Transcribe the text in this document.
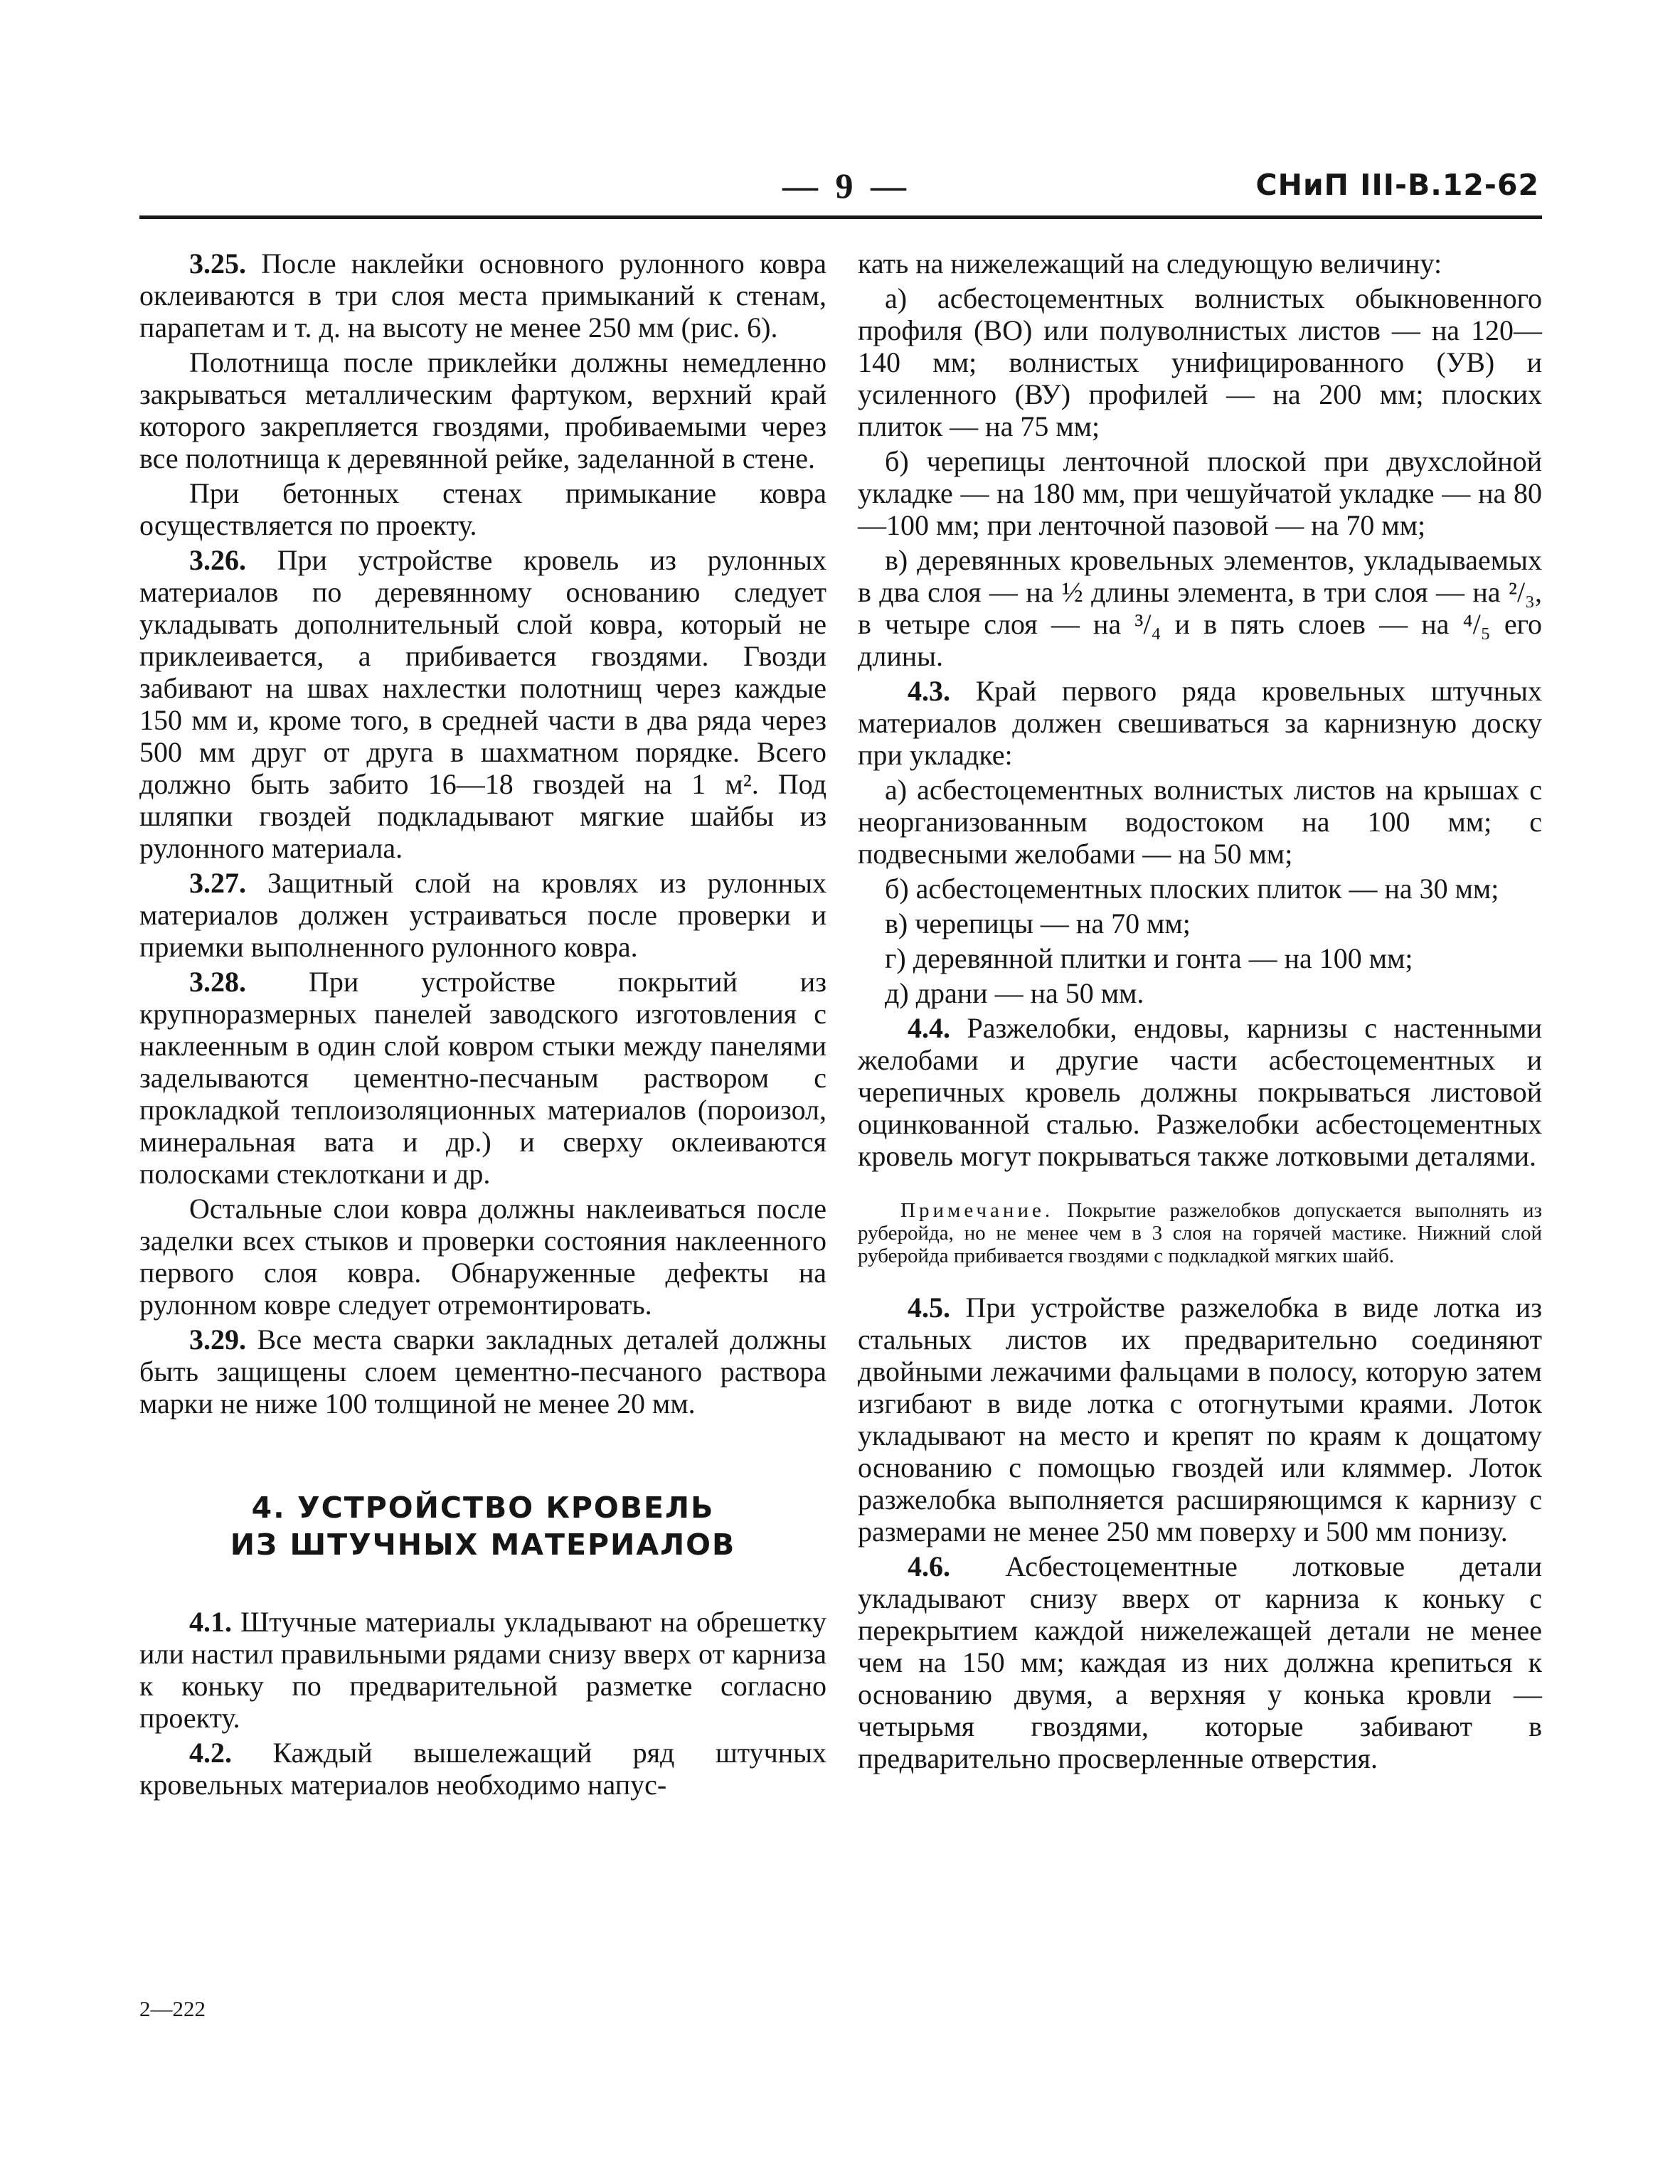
— 9 —	СНиП III-В.12-62

3.25. После наклейки основного рулонного ковра оклеиваются в три слоя места примыканий к стенам, парапетам и т. д. на высоту не менее 250 мм (рис. 6).

Полотнища после приклейки должны немедленно закрываться металлическим фартуком, верхний край которого закрепляется гвоздями, пробиваемыми через все полотнища к деревянной рейке, заделанной в стене.

При бетонных стенах примыкание ковра осуществляется по проекту.

3.26. При устройстве кровель из рулонных материалов по деревянному основанию следует укладывать дополнительный слой ковра, который не приклеивается, а прибивается гвоздями. Гвозди забивают на швах нахлестки полотнищ через каждые 150 мм и, кроме того, в средней части в два ряда через 500 мм друг от друга в шахматном порядке. Всего должно быть забито 16—18 гвоздей на 1 м². Под шляпки гвоздей подкладывают мягкие шайбы из рулонного материала.

3.27. Защитный слой на кровлях из рулонных материалов должен устраиваться после проверки и приемки выполненного рулонного ковра.

3.28. При устройстве покрытий из крупноразмерных панелей заводского изготовления с наклеенным в один слой ковром стыки между панелями заделываются цементно-песчаным раствором с прокладкой теплоизоляционных материалов (пороизол, минеральная вата и др.) и сверху оклеиваются полосками стеклоткани и др.

Остальные слои ковра должны наклеиваться после заделки всех стыков и проверки состояния наклеенного первого слоя ковра. Обнаруженные дефекты на рулонном ковре следует отремонтировать.

3.29. Все места сварки закладных деталей должны быть защищены слоем цементно-песчаного раствора марки не ниже 100 толщиной не менее 20 мм.

4. УСТРОЙСТВО КРОВЕЛЬ
ИЗ ШТУЧНЫХ МАТЕРИАЛОВ

4.1. Штучные материалы укладывают на обрешетку или настил правильными рядами снизу вверх от карниза к коньку по предварительной разметке согласно проекту.

4.2. Каждый вышележащий ряд штучных кровельных материалов необходимо напус-

кать на нижележащий на следующую величину:

а) асбестоцементных волнистых обыкновенного профиля (ВО) или полуволнистых листов — на 120—140 мм; волнистых унифицированного (УВ) и усиленного (ВУ) профилей — на 200 мм; плоских плиток — на 75 мм;

б) черепицы ленточной плоской при двухслойной укладке — на 180 мм, при чешуйчатой укладке — на 80—100 мм; при ленточной пазовой — на 70 мм;

в) деревянных кровельных элементов, укладываемых в два слоя — на ½ длины элемента, в три слоя — на ²/₃, в четыре слоя — на ³/₄ и в пять слоев — на ⁴/₅ его длины.

4.3. Край первого ряда кровельных штучных материалов должен свешиваться за карнизную доску при укладке:

а) асбестоцементных волнистых листов на крышах с неорганизованным водостоком на 100 мм; с подвесными желобами — на 50 мм;

б) асбестоцементных плоских плиток — на 30 мм;

в) черепицы — на 70 мм;

г) деревянной плитки и гонта — на 100 мм;

д) драни — на 50 мм.

4.4. Разжелобки, ендовы, карнизы с настенными желобами и другие части асбестоцементных и черепичных кровель должны покрываться листовой оцинкованной сталью. Разжелобки асбестоцементных кровель могут покрываться также лотковыми деталями.

Примечание. Покрытие разжелобков допускается выполнять из руберойда, но не менее чем в 3 слоя на горячей мастике. Нижний слой руберойда прибивается гвоздями с подкладкой мягких шайб.

4.5. При устройстве разжелобка в виде лотка из стальных листов их предварительно соединяют двойными лежачими фальцами в полосу, которую затем изгибают в виде лотка с отогнутыми краями. Лоток укладывают на место и крепят по краям к дощатому основанию с помощью гвоздей или кляммер. Лоток разжелобка выполняется расширяющимся к карнизу с размерами не менее 250 мм поверху и 500 мм понизу.

4.6. Асбестоцементные лотковые детали укладывают снизу вверх от карниза к коньку с перекрытием каждой нижележащей детали не менее чем на 150 мм; каждая из них должна крепиться к основанию двумя, а верхняя у конька кровли — четырьмя гвоздями, которые забивают в предварительно просверленные отверстия.

2—222
